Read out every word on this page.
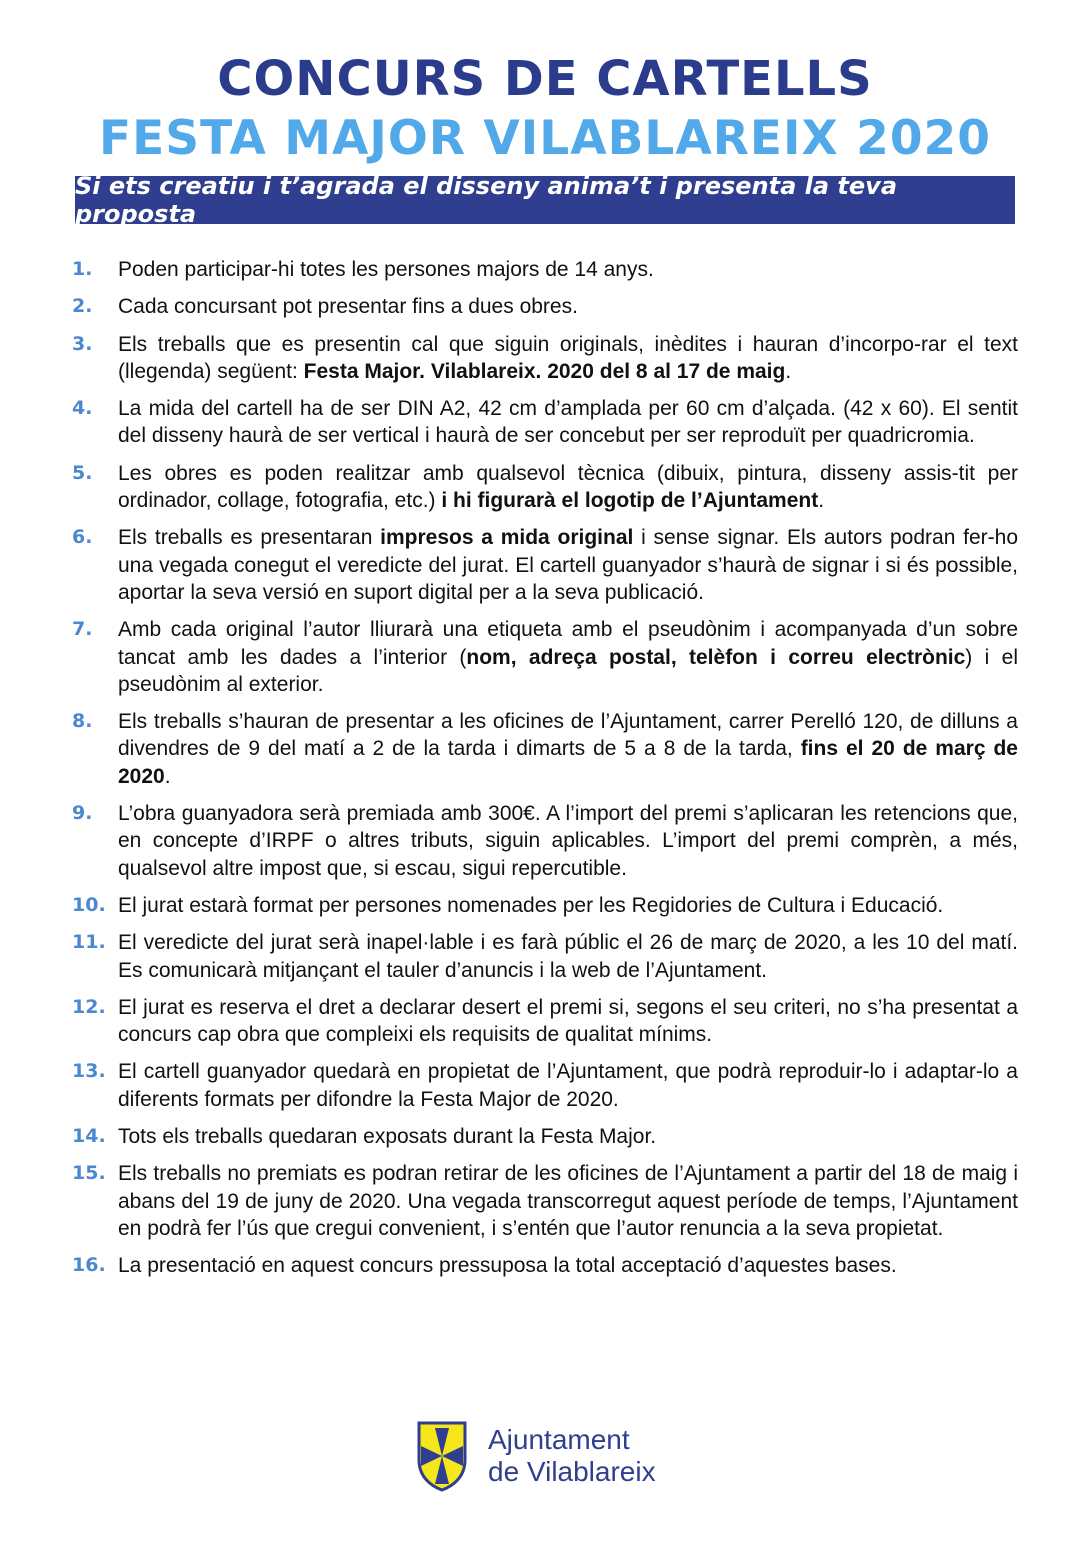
CONCURS DE CARTELLS
FESTA MAJOR VILABLAREIX 2020
Si ets creatiu i t’agrada el disseny anima’t i presenta la teva proposta
1.	Poden participar-hi totes les persones majors de 14 anys.
2.	Cada concursant pot presentar fins a dues obres.
3.	Els treballs que es presentin cal que siguin originals, inèdites i hauran d’incorpo-rar el text (llegenda) següent: Festa Major. Vilablareix. 2020 del 8 al 17 de maig.
4.	La mida del cartell ha de ser DIN A2, 42 cm d’amplada per 60 cm d’alçada. (42 x 60). El sentit del disseny haurà de ser vertical i haurà de ser concebut per ser reproduït per quadricromia.
5.	Les obres es poden realitzar amb qualsevol tècnica (dibuix, pintura, disseny assis-tit per ordinador, collage, fotografia, etc.) i hi figurarà el logotip de l’Ajuntament.
6.	Els treballs es presentaran impresos a mida original i sense signar. Els autors podran fer-ho una vegada conegut el veredicte del jurat. El cartell guanyador s’haurà de signar i si és possible, aportar la seva versió en suport digital per a la seva publicació.
7.	Amb cada original l’autor lliurarà una etiqueta amb el pseudònim i acompanyada d’un sobre tancat amb les dades a l’interior (nom, adreça postal, telèfon i correu electrònic) i el pseudònim al exterior.
8.	Els treballs s’hauran de presentar a les oficines de l’Ajuntament, carrer Perelló 120, de dilluns a divendres de 9 del matí a 2 de la tarda i dimarts de 5 a 8 de la tarda, fins el 20 de març de 2020.
9.	L’obra guanyadora serà premiada amb 300€. A l’import del premi s’aplicaran les retencions que, en concepte d’IRPF o altres tributs, siguin aplicables. L’import del premi comprèn, a més, qualsevol altre impost que, si escau, sigui repercutible.
10. El jurat estarà format per persones nomenades per les Regidories de Cultura i Educació.
11. El veredicte del jurat serà inapel·lable i es farà públic el 26 de març de 2020, a les 10 del matí. Es comunicarà mitjançant el tauler d’anuncis i la web de l’Ajuntament.
12. El jurat es reserva el dret a declarar desert el premi si, segons el seu criteri, no s’ha presentat a concurs cap obra que compleixi els requisits de qualitat mínims.
13. El cartell guanyador quedarà en propietat de l’Ajuntament, que podrà reproduir-lo i adaptar-lo a diferents formats per difondre la Festa Major de 2020.
14. Tots els treballs quedaran exposats durant la Festa Major.
15. Els treballs no premiats es podran retirar de les oficines de l’Ajuntament a partir del 18 de maig i abans del 19 de juny de 2020. Una vegada transcorregut aquest període de temps, l’Ajuntament en podrà fer l’ús que cregui convenient, i s’entén que l’autor renuncia a la seva propietat.
16. La presentació en aquest concurs pressuposa la total acceptació d’aquestes bases.
Ajuntament
de Vilablareix
